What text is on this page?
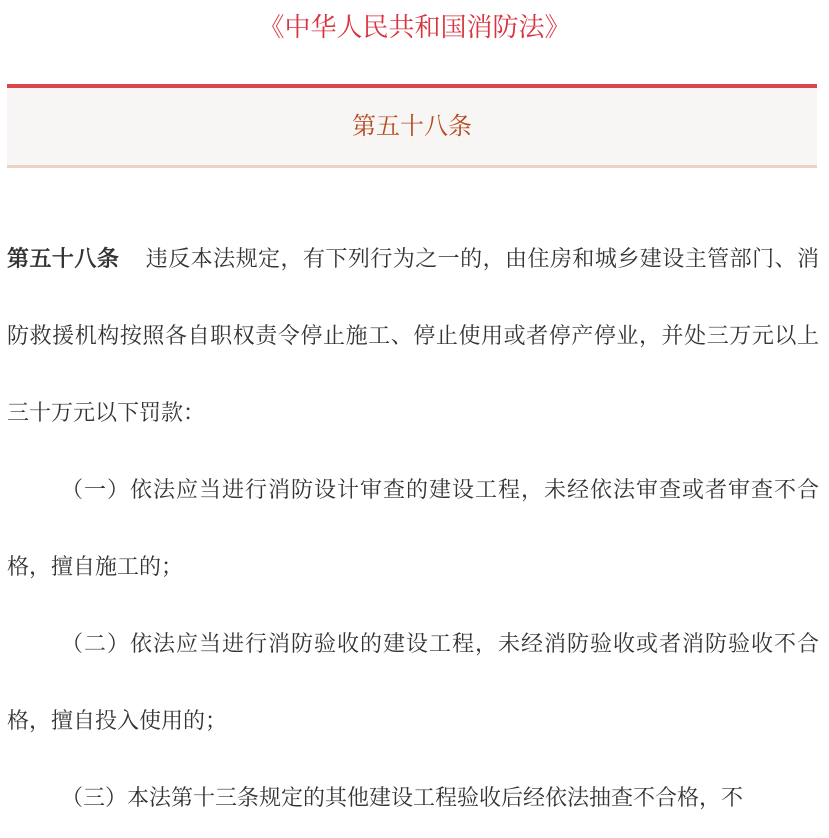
《中华人民共和国消防法》
第五十八条

第五十八条 违反本法规定，有下列行为之一的，由住房和城乡建设主管部门、消防救援机构按照各自职权责令停止施工、停止使用或者停产停业，并处三万元以上三十万元以下罚款：

（一）依法应当进行消防设计审查的建设工程，未经依法审查或者审查不合格，擅自施工的；

（二）依法应当进行消防验收的建设工程，未经消防验收或者消防验收不合格，擅自投入使用的；

（三）本法第十三条规定的其他建设工程验收后经依法抽查不合格，不
